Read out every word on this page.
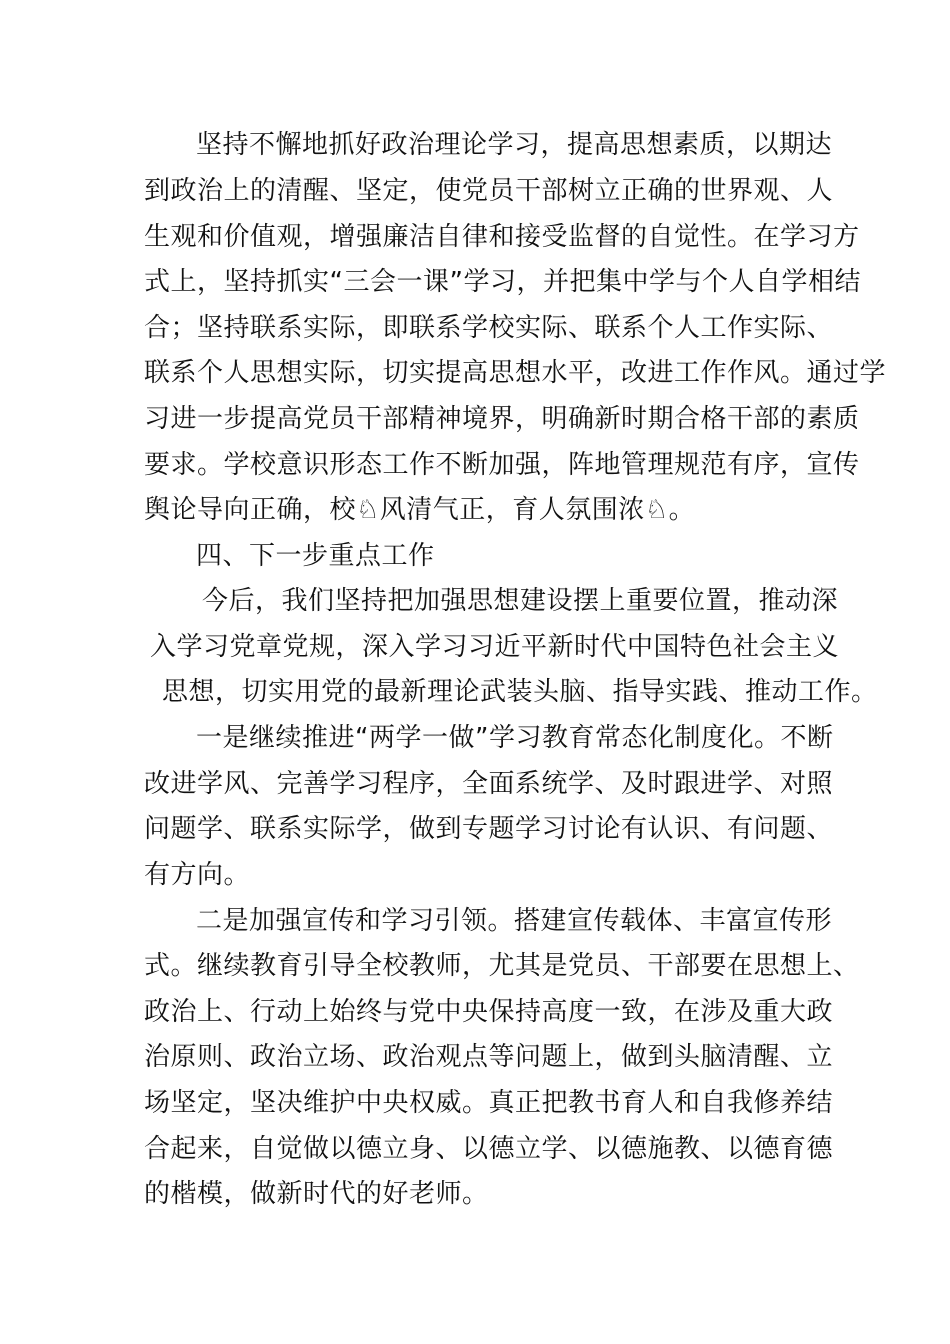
坚持不懈地抓好政治理论学习，提高思想素质，以期达
到政治上的清醒、坚定，使党员干部树立正确的世界观、人
生观和价值观，增强廉洁自律和接受监督的自觉性。在学习方
式上，坚持抓实“三会一课”学习，并把集中学与个人自学相结
合；坚持联系实际，即联系学校实际、联系个人工作实际、
联系个人思想实际，切实提高思想水平，改进工作作风。通过学
习进一步提高党员干部精神境界，明确新时期合格干部的素质
要求。学校意识形态工作不断加强，阵地管理规范有序，宣传
舆论导向正确，校♘风清气正，育人氛围浓♘。
四、下一步重点工作
今后，我们坚持把加强思想建设摆上重要位置，推动深
入学习党章党规，深入学习习近平新时代中国特色社会主义
思想，切实用党的最新理论武装头脑、指导实践、推动工作。
一是继续推进“两学一做”学习教育常态化制度化。不断
改进学风、完善学习程序，全面系统学、及时跟进学、对照
问题学、联系实际学，做到专题学习讨论有认识、有问题、
有方向。
二是加强宣传和学习引领。搭建宣传载体、丰富宣传形
式。继续教育引导全校教师，尤其是党员、干部要在思想上、
政治上、行动上始终与党中央保持高度一致，在涉及重大政
治原则、政治立场、政治观点等问题上，做到头脑清醒、立
场坚定，坚决维护中央权威。真正把教书育人和自我修养结
合起来，自觉做以德立身、以德立学、以德施教、以德育德
的楷模，做新时代的好老师。
